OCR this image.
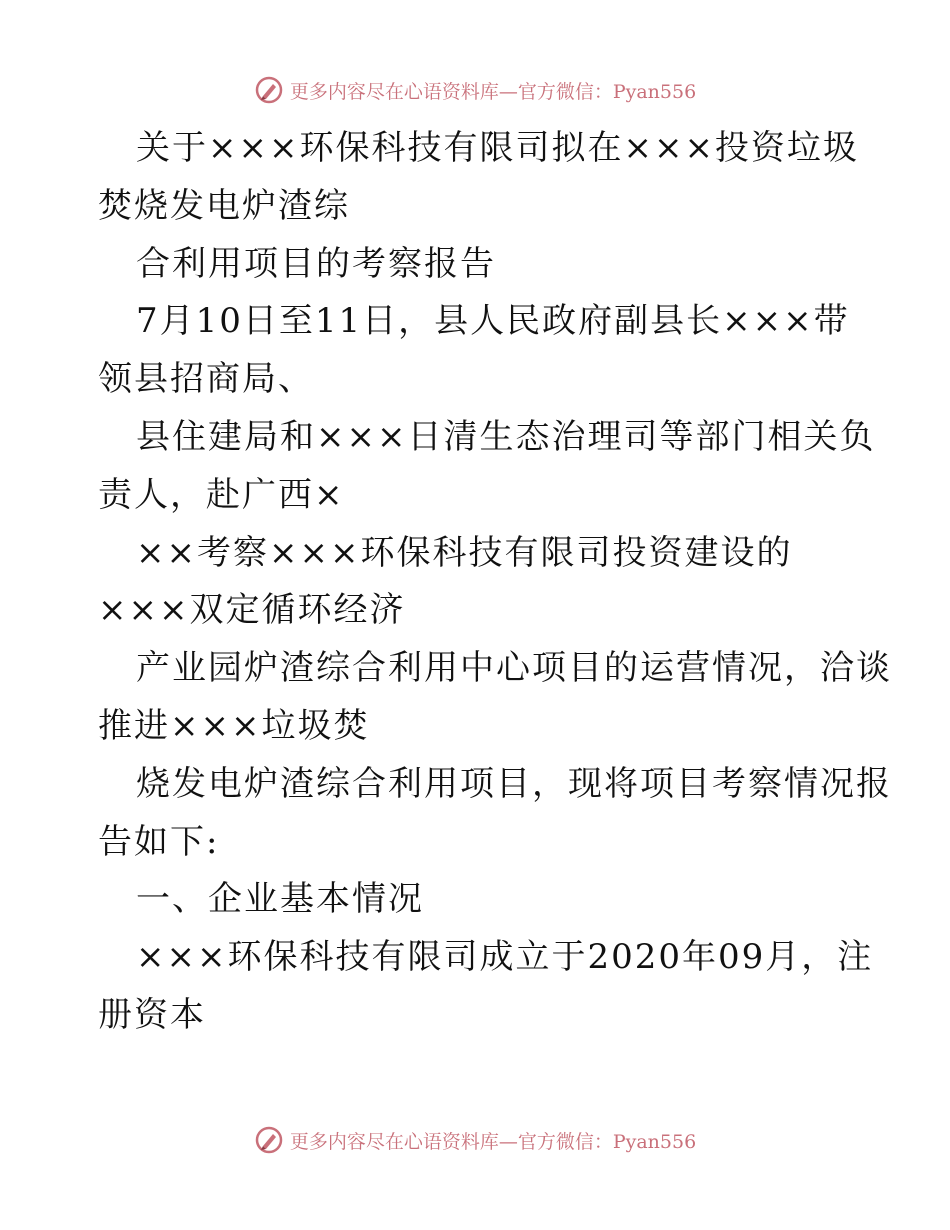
更多内容尽在心语资料库—官方微信：Pyan556
关于×××环保科技有限司拟在×××投资垃圾
焚烧发电炉渣综
合利用项目的考察报告
7月10日至11日，县人民政府副县长×××带
领县招商局、
县住建局和×××日清生态治理司等部门相关负
责人，赴广西×
××考察×××环保科技有限司投资建设的
×××双定循环经济
产业园炉渣综合利用中心项目的运营情况，洽谈
推进×××垃圾焚
烧发电炉渣综合利用项目，现将项目考察情况报
告如下:
一、企业基本情况
×××环保科技有限司成立于2020年09月，注
册资本
更多内容尽在心语资料库—官方微信：Pyan556
